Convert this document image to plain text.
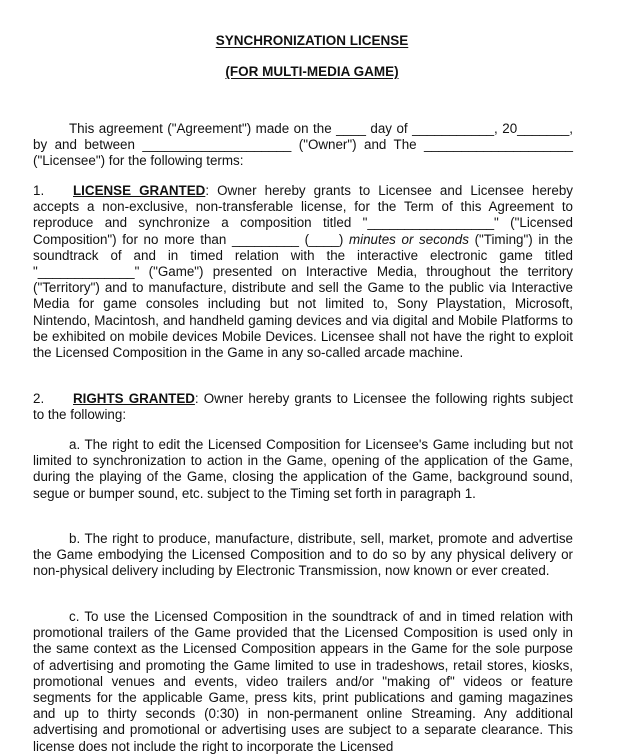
SYNCHRONIZATION LICENSE
(FOR MULTI-MEDIA GAME)
This agreement ("Agreement") made on the ____ day of ___________, 20_______, by and between ____________________ ("Owner") and The ____________________ ("Licensee") for the following terms:
1. LICENSE GRANTED: Owner hereby grants to Licensee and Licensee hereby accepts a non-exclusive, non-transferable license, for the Term of this Agreement to reproduce and synchronize a composition titled "_________________" ("Licensed Composition") for no more than _________ (____) minutes or seconds ("Timing") in the soundtrack of and in timed relation with the interactive electronic game titled "_____________" ("Game") presented on Interactive Media, throughout the territory ("Territory") and to manufacture, distribute and sell the Game to the public via Interactive Media for game consoles including but not limited to, Sony Playstation, Microsoft, Nintendo, Macintosh, and handheld gaming devices and via digital and Mobile Platforms to be exhibited on mobile devices Mobile Devices. Licensee shall not have the right to exploit the Licensed Composition in the Game in any so-called arcade machine.
2. RIGHTS GRANTED: Owner hereby grants to Licensee the following rights subject to the following:
a. The right to edit the Licensed Composition for Licensee's Game including but not limited to synchronization to action in the Game, opening of the application of the Game, during the playing of the Game, closing the application of the Game, background sound, segue or bumper sound, etc. subject to the Timing set forth in paragraph 1.
b. The right to produce, manufacture, distribute, sell, market, promote and advertise the Game embodying the Licensed Composition and to do so by any physical delivery or non-physical delivery including by Electronic Transmission, now known or ever created.
c. To use the Licensed Composition in the soundtrack of and in timed relation with promotional trailers of the Game provided that the Licensed Composition is used only in the same context as the Licensed Composition appears in the Game for the sole purpose of advertising and promoting the Game limited to use in tradeshows, retail stores, kiosks, promotional venues and events, video trailers and/or "making of" videos or feature segments for the applicable Game, press kits, print publications and gaming magazines and up to thirty seconds (0:30) in non-permanent online Streaming. Any additional advertising and promotional or advertising uses are subject to a separate clearance. This license does not include the right to incorporate the Licensed
